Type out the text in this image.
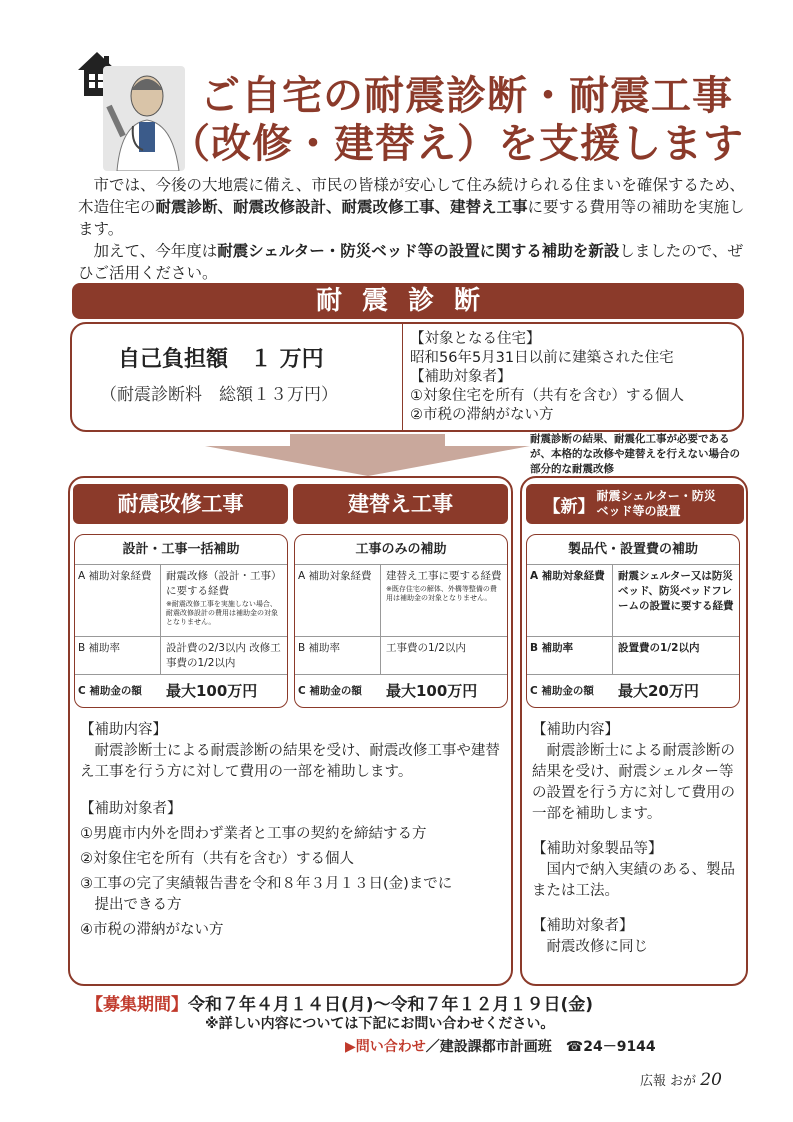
ご自宅の耐震診断・耐震工事
（改修・建替え）を支援します
　市では、今後の大地震に備え、市民の皆様が安心して住み続けられる住まいを確保するため、木造住宅の耐震診断、耐震改修設計、耐震改修工事、建替え工事に要する費用等の補助を実施します。
　加えて、今年度は耐震シェルター・防災ベッド等の設置に関する補助を新設しましたので、ぜひご活用ください。
耐震診断
自己負担額　１ 万円
（耐震診断料　総額１３万円）
【対象となる住宅】
昭和56年5月31日以前に建築された住宅
【補助対象者】
①対象住宅を所有（共有を含む）する個人
②市税の滞納がない方
耐震診断の結果、耐震化工事が必要であるが、本格的な改修や建替えを行えない場合の部分的な耐震改修
耐震改修工事	建替え工事	【新】
耐震シェルター・防災ベッド等の設置
設計・工事一括補助
A 補助対象経費	耐震改修（設計・工事）に要する経費
※耐震改修工事を実施しない場合、耐震改修設計の費用は補助金の対象となりません。
B 補助率	設計費の2/3以内 改修工事費の1/2以内
C 補助金の額	最大100万円
工事のみの補助
A 補助対象経費	建替え工事に要する経費
※既存住宅の解体、外構等整備の費用は補助金の対象となりません。
B 補助率	工事費の1/2以内
C 補助金の額	最大100万円
製品代・設置費の補助
A 補助対象経費	耐震シェルター又は防災ベッド、防災ベッドフレームの設置に要する経費
B 補助率	設置費の1/2以内
C 補助金の額	最大20万円
【補助内容】
　耐震診断士による耐震診断の結果を受け、耐震改修工事や建替え工事を行う方に対して費用の一部を補助します。
【補助対象者】
①男鹿市内外を問わず業者と工事の契約を締結する方
②対象住宅を所有（共有を含む）する個人
③工事の完了実績報告書を令和８年３月１３日(金)までに
　提出できる方
④市税の滞納がない方
【補助内容】
　耐震診断士による耐震診断の結果を受け、耐震シェルター等の設置を行う方に対して費用の一部を補助します。
【補助対象製品等】
　国内で納入実績のある、製品または工法。
【補助対象者】
　耐震改修に同じ
【募集期間】令和７年４月１４日(月)～令和７年１２月１９日(金)
※詳しい内容については下記にお問い合わせください。
▶問い合わせ／建設課都市計画班　☎24－9144
広報 おが 20
